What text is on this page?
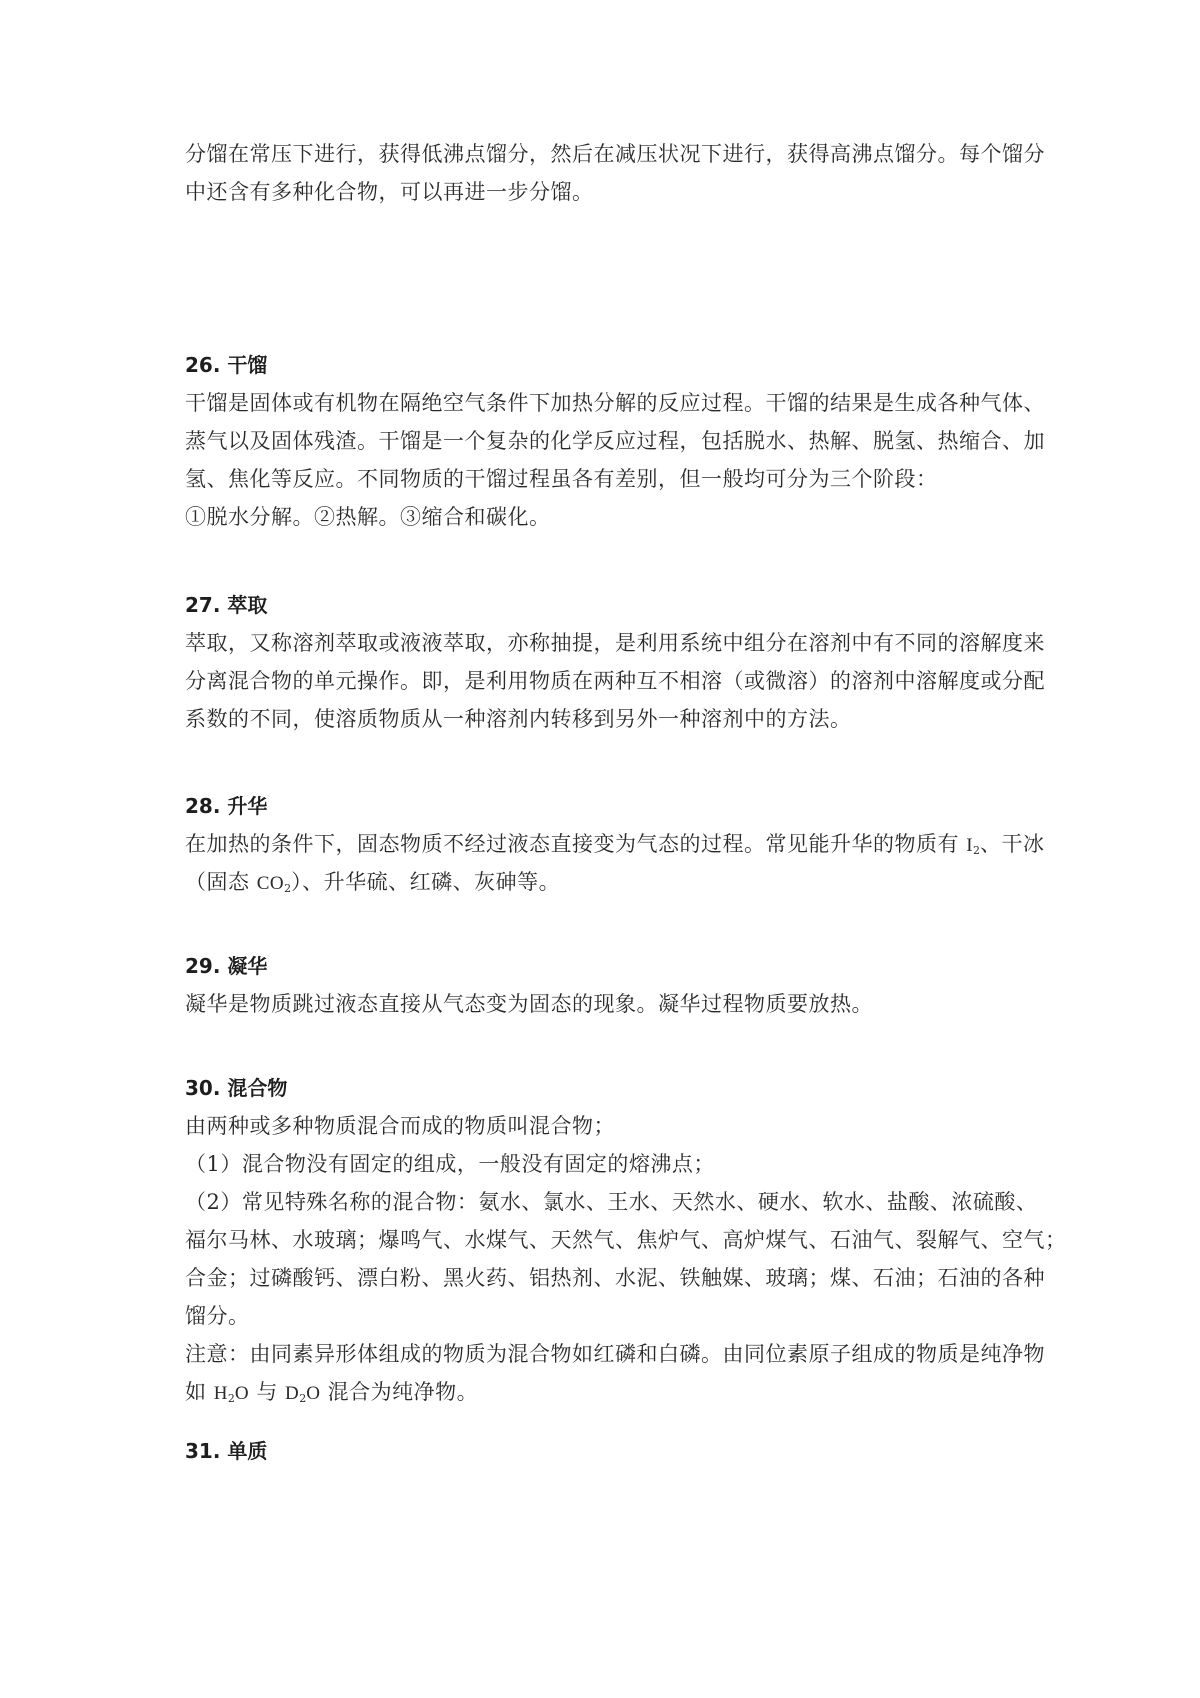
分馏在常压下进行，获得低沸点馏分，然后在减压状况下进行，获得高沸点馏分。每个馏分
中还含有多种化合物，可以再进一步分馏。
26. 干馏
干馏是固体或有机物在隔绝空气条件下加热分解的反应过程。干馏的结果是生成各种气体、
蒸气以及固体残渣。干馏是一个复杂的化学反应过程，包括脱水、热解、脱氢、热缩合、加
氢、焦化等反应。不同物质的干馏过程虽各有差别，但一般均可分为三个阶段：
①脱水分解。②热解。③缩合和碳化。
27. 萃取
萃取，又称溶剂萃取或液液萃取，亦称抽提，是利用系统中组分在溶剂中有不同的溶解度来
分离混合物的单元操作。即，是利用物质在两种互不相溶（或微溶）的溶剂中溶解度或分配
系数的不同，使溶质物质从一种溶剂内转移到另外一种溶剂中的方法。
28. 升华
在加热的条件下，固态物质不经过液态直接变为气态的过程。常见能升华的物质有 $I_2$、干冰
（固态 $CO_2$）、升华硫、红磷、灰砷等。
29. 凝华
凝华是物质跳过液态直接从气态变为固态的现象。凝华过程物质要放热。
30. 混合物
由两种或多种物质混合而成的物质叫混合物；
（1）混合物没有固定的组成，一般没有固定的熔沸点；
（2）常见特殊名称的混合物：氨水、氯水、王水、天然水、硬水、软水、盐酸、浓硫酸、
福尔马林、水玻璃；爆鸣气、水煤气、天然气、焦炉气、高炉煤气、石油气、裂解气、空气；
合金；过磷酸钙、漂白粉、黑火药、铝热剂、水泥、铁触媒、玻璃；煤、石油；石油的各种
馏分。
注意：由同素异形体组成的物质为混合物如红磷和白磷。由同位素原子组成的物质是纯净物
如 $H_2O$ 与 $D_2O$ 混合为纯净物。
31. 单质
